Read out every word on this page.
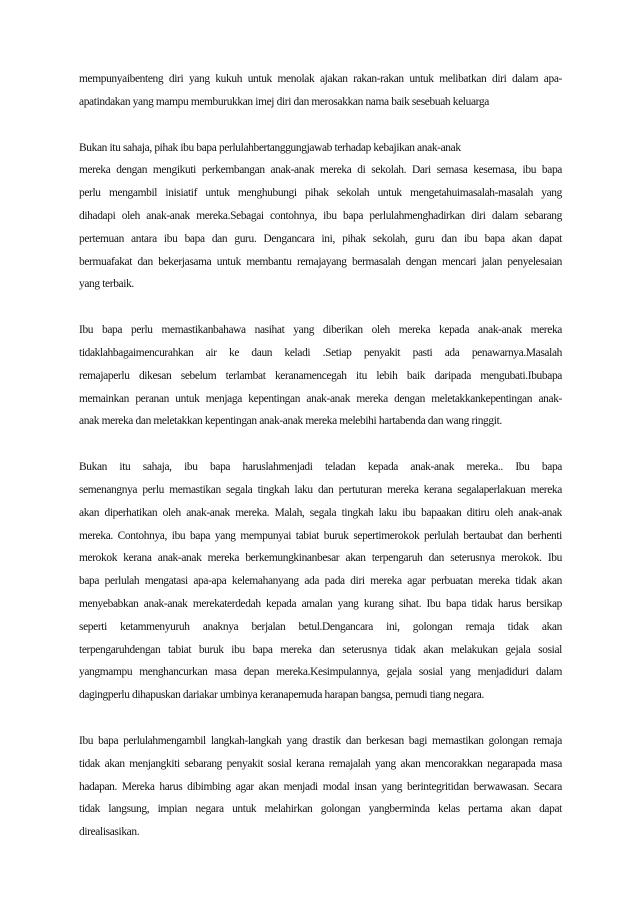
mempunyaibenteng diri yang kukuh untuk menolak ajakan rakan-rakan untuk melibatkan diri dalam apa-
apatindakan yang mampu memburukkan imej diri dan merosakkan nama baik sesebuah keluarga
Bukan itu sahaja, pihak ibu bapa perlulahbertanggungjawab terhadap kebajikan anak-anak
mereka dengan mengikuti perkembangan anak-anak mereka di sekolah. Dari semasa kesemasa, ibu bapa
perlu mengambil inisiatif untuk menghubungi pihak sekolah untuk mengetahuimasalah-masalah yang
dihadapi oleh anak-anak mereka.Sebagai contohnya, ibu bapa perlulahmenghadirkan diri dalam sebarang
pertemuan antara ibu bapa dan guru. Dengancara ini, pihak sekolah, guru dan ibu bapa akan dapat
bermuafakat dan bekerjasama untuk membantu remajayang bermasalah dengan mencari jalan penyelesaian
yang terbaik.
Ibu bapa perlu memastikanbahawa nasihat yang diberikan oleh mereka kepada anak-anak mereka
tidaklahbagaimencurahkan air ke daun keladi .Setiap penyakit pasti ada penawarnya.Masalah
remajaperlu dikesan sebelum terlambat keranamencegah itu lebih baik daripada mengubati.Ibubapa
memainkan peranan untuk menjaga kepentingan anak-anak mereka dengan meletakkankepentingan anak-
anak mereka dan meletakkan kepentingan anak-anak mereka melebihi hartabenda dan wang ringgit.
Bukan itu sahaja, ibu bapa haruslahmenjadi teladan kepada anak-anak mereka.. Ibu bapa
semenangnya perlu memastikan segala tingkah laku dan pertuturan mereka kerana segalaperlakuan mereka
akan diperhatikan oleh anak-anak mereka. Malah, segala tingkah laku ibu bapaakan ditiru oleh anak-anak
mereka. Contohnya, ibu bapa yang mempunyai tabiat buruk sepertimerokok perlulah bertaubat dan berhenti
merokok kerana anak-anak mereka berkemungkinanbesar akan terpengaruh dan seterusnya merokok. Ibu
bapa perlulah mengatasi apa-apa kelemahanyang ada pada diri mereka agar perbuatan mereka tidak akan
menyebabkan anak-anak merekaterdedah kepada amalan yang kurang sihat. Ibu bapa tidak harus bersikap
seperti ketammenyuruh anaknya berjalan betul.Dengancara ini, golongan remaja tidak akan
terpengaruhdengan tabiat buruk ibu bapa mereka dan seterusnya tidak akan melakukan gejala sosial
yangmampu menghancurkan masa depan mereka.Kesimpulannya, gejala sosial yang menjadiduri dalam
dagingperlu dihapuskan dariakar umbinya keranapemuda harapan bangsa, pemudi tiang negara.
Ibu bapa perlulahmengambil langkah-langkah yang drastik dan berkesan bagi memastikan golongan remaja
tidak akan menjangkiti sebarang penyakit sosial kerana remajalah yang akan mencorakkan negarapada masa
hadapan. Mereka harus dibimbing agar akan menjadi modal insan yang berintegritidan berwawasan. Secara
tidak langsung, impian negara untuk melahirkan golongan yangberminda kelas pertama akan dapat
direalisasikan.
